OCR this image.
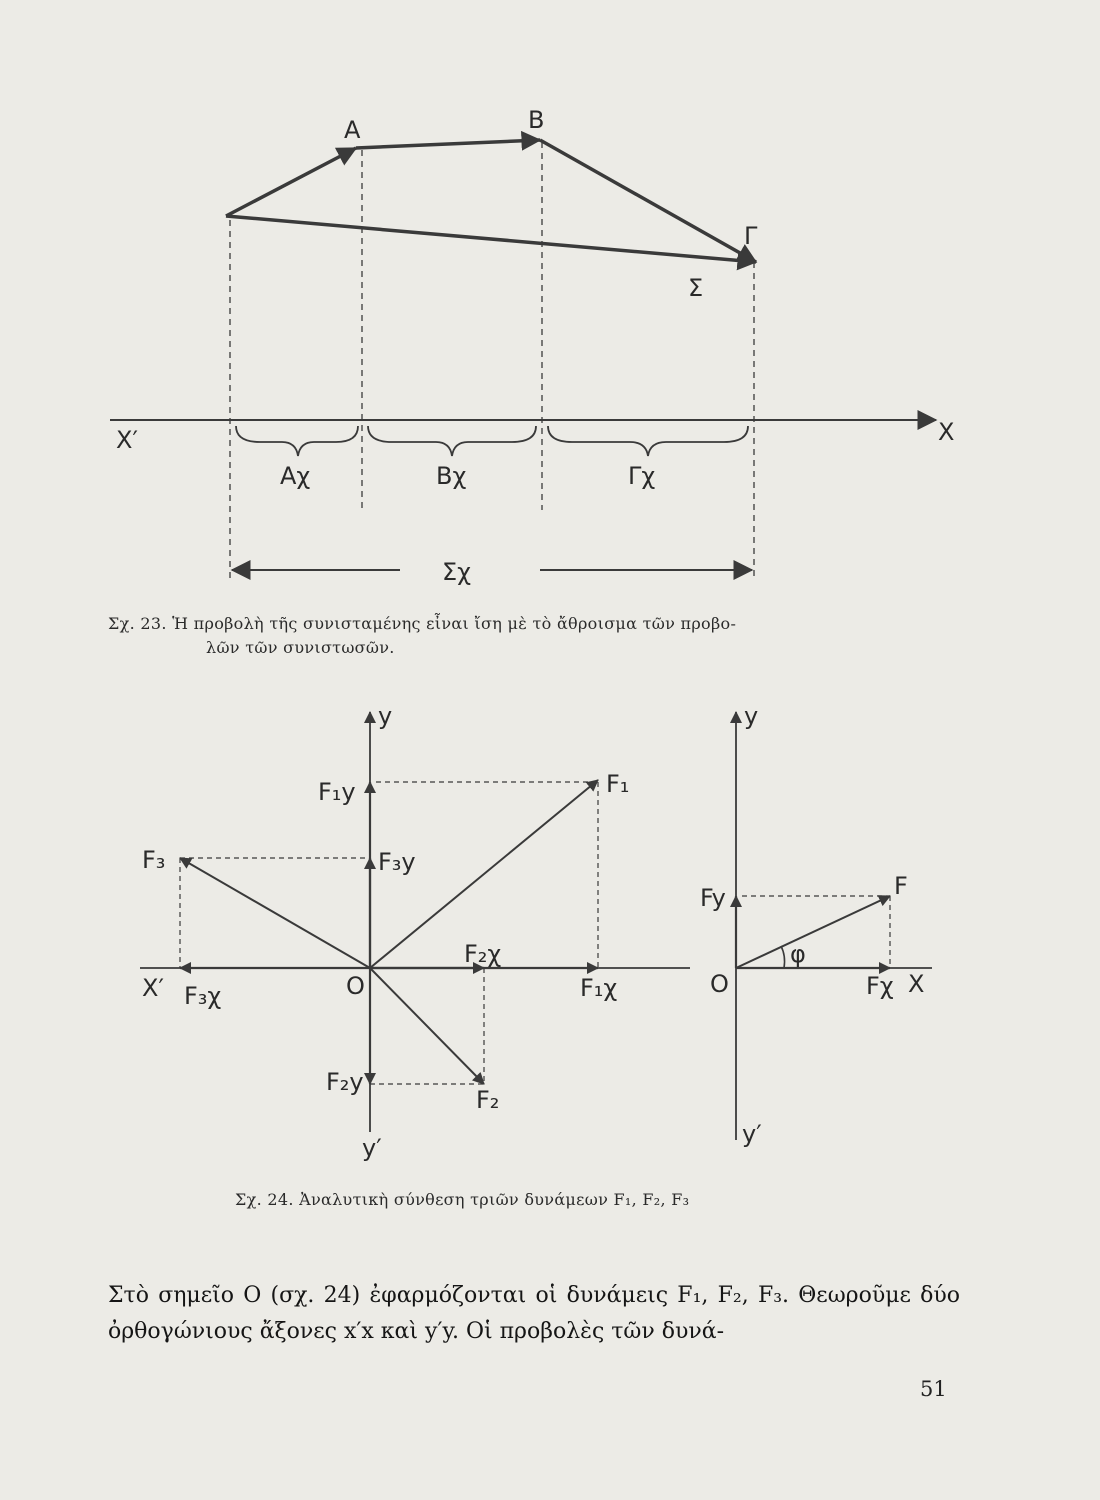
A	B
Γ
Σ
X′	X
Αχ	Βχ	Γχ
Σχ
y
y′
X′	O
F₁
F₂
F₃
F₁y
F₃y
F₂y
F₂χ
F₁χ
F₃χ
y
y′
O	X
F
Fy
Fχ
φ
Σχ. 23. Ἡ προβολὴ τῆς συνισταμένης εἶναι ἴση μὲ τὸ ἄθροισμα τῶν προβο-
λῶν τῶν συνιστωσῶν.
Σχ. 24. Ἀναλυτικὴ σύνθεση τριῶν δυνάμεων F₁, F₂, F₃
Στὸ σημεῖο Ο (σχ. 24) ἐφαρμόζονται οἱ δυνάμεις F₁, F₂, F₃. Θεωροῦμε δύο ὀρθογώνιους ἄξονες x′x καὶ y′y. Οἱ προβολὲς τῶν δυνά-
51
